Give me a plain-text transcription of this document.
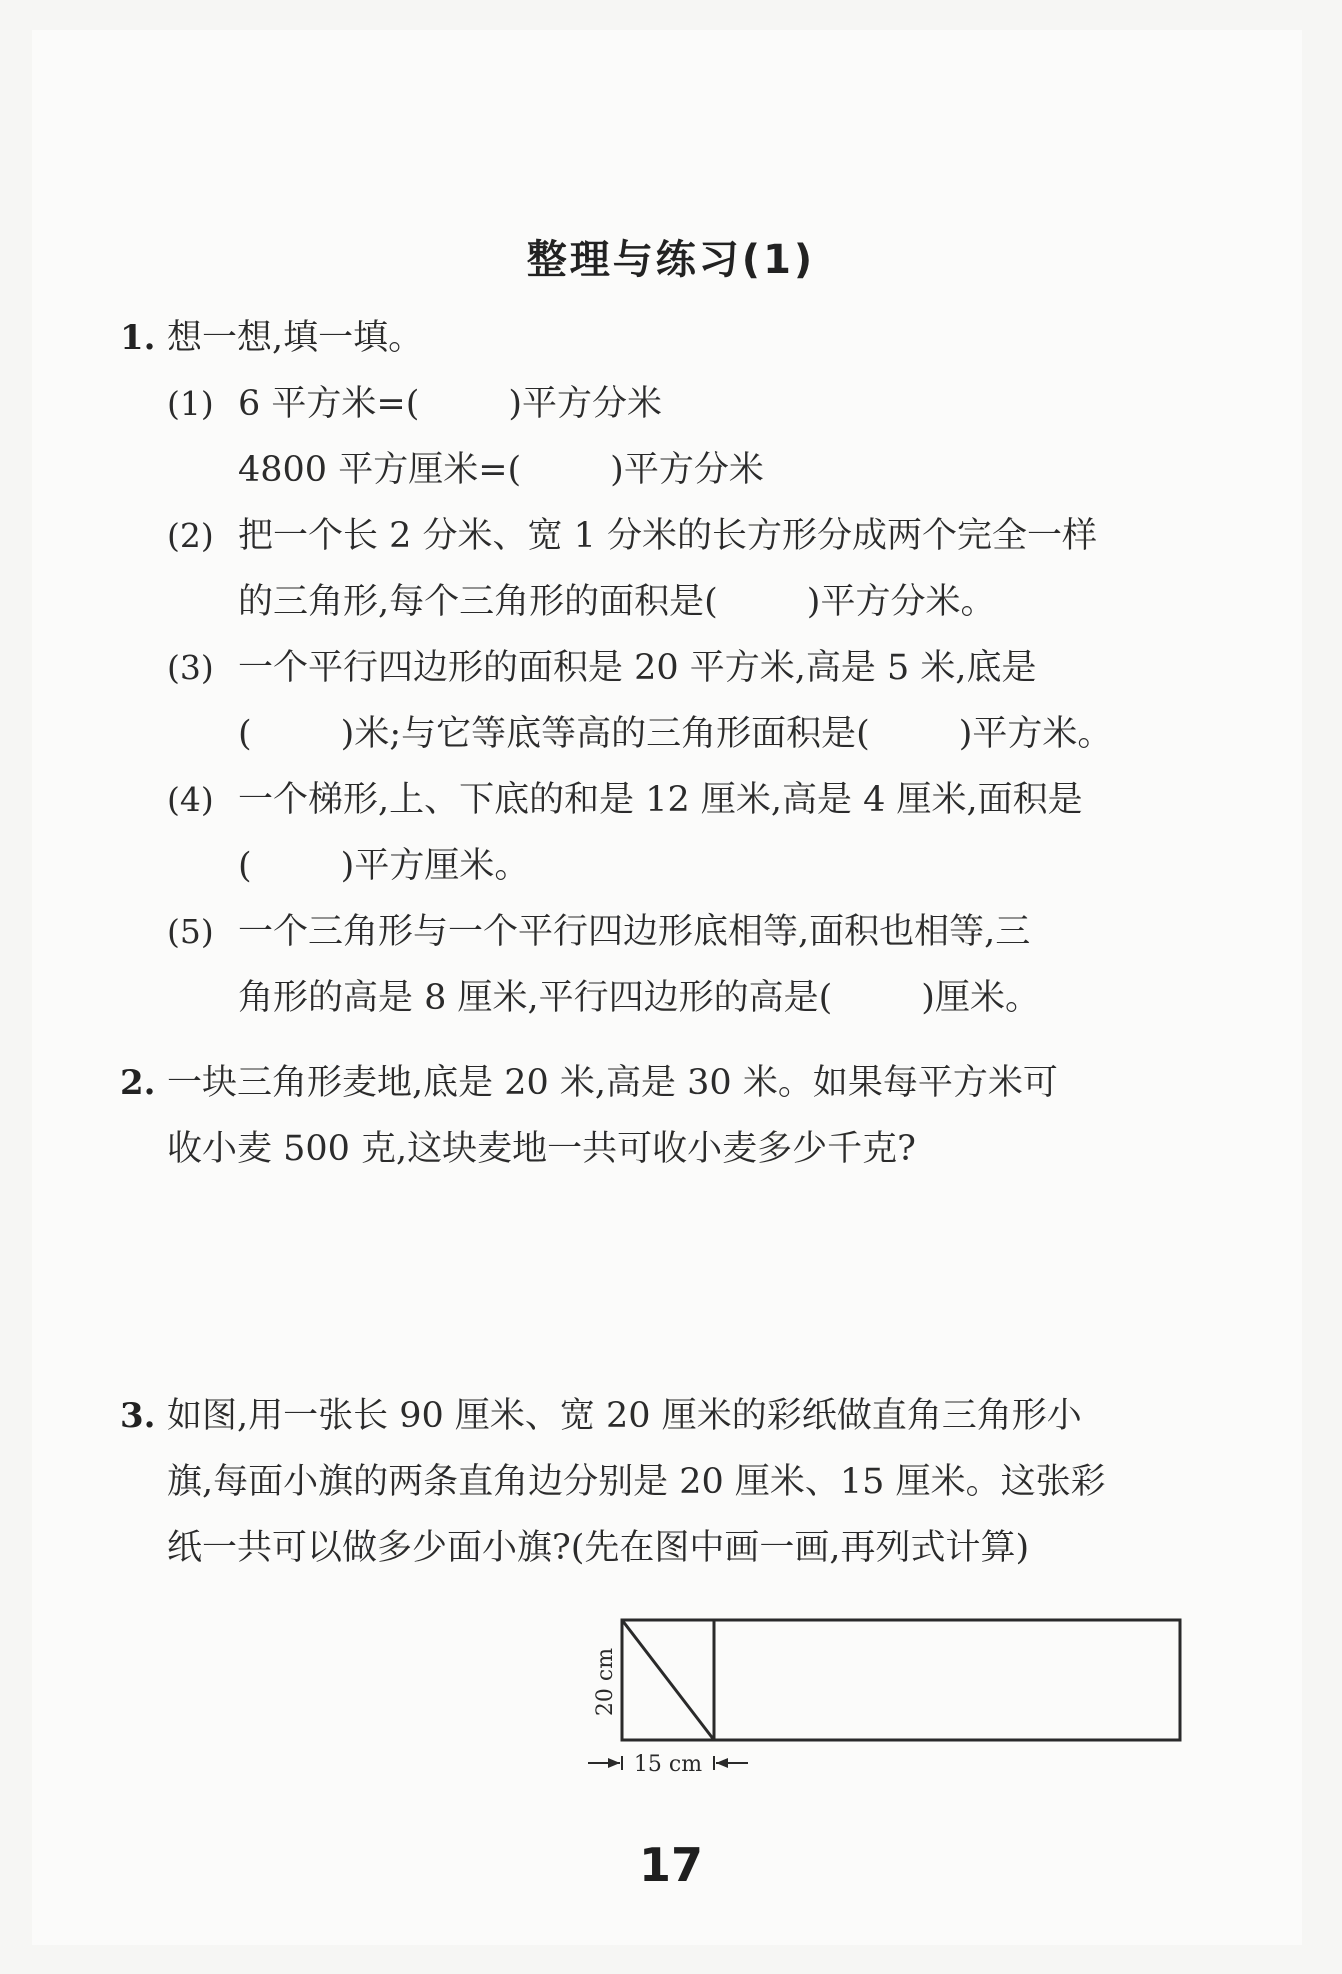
整理与练习(1)
1. 想一想,填一填。
(1) 6 平方米=(        )平方分米
4800 平方厘米=(        )平方分米
(2) 把一个长 2 分米、宽 1 分米的长方形分成两个完全一样
的三角形,每个三角形的面积是(        )平方分米。
(3) 一个平行四边形的面积是 20 平方米,高是 5 米,底是
(        )米;与它等底等高的三角形面积是(        )平方米。
(4) 一个梯形,上、下底的和是 12 厘米,高是 4 厘米,面积是
(        )平方厘米。
(5) 一个三角形与一个平行四边形底相等,面积也相等,三
角形的高是 8 厘米,平行四边形的高是(        )厘米。
2. 一块三角形麦地,底是 20 米,高是 30 米。如果每平方米可
收小麦 500 克,这块麦地一共可收小麦多少千克?
3. 如图,用一张长 90 厘米、宽 20 厘米的彩纸做直角三角形小
旗,每面小旗的两条直角边分别是 20 厘米、15 厘米。这张彩
纸一共可以做多少面小旗?(先在图中画一画,再列式计算)
20 cm
15 cm
17
